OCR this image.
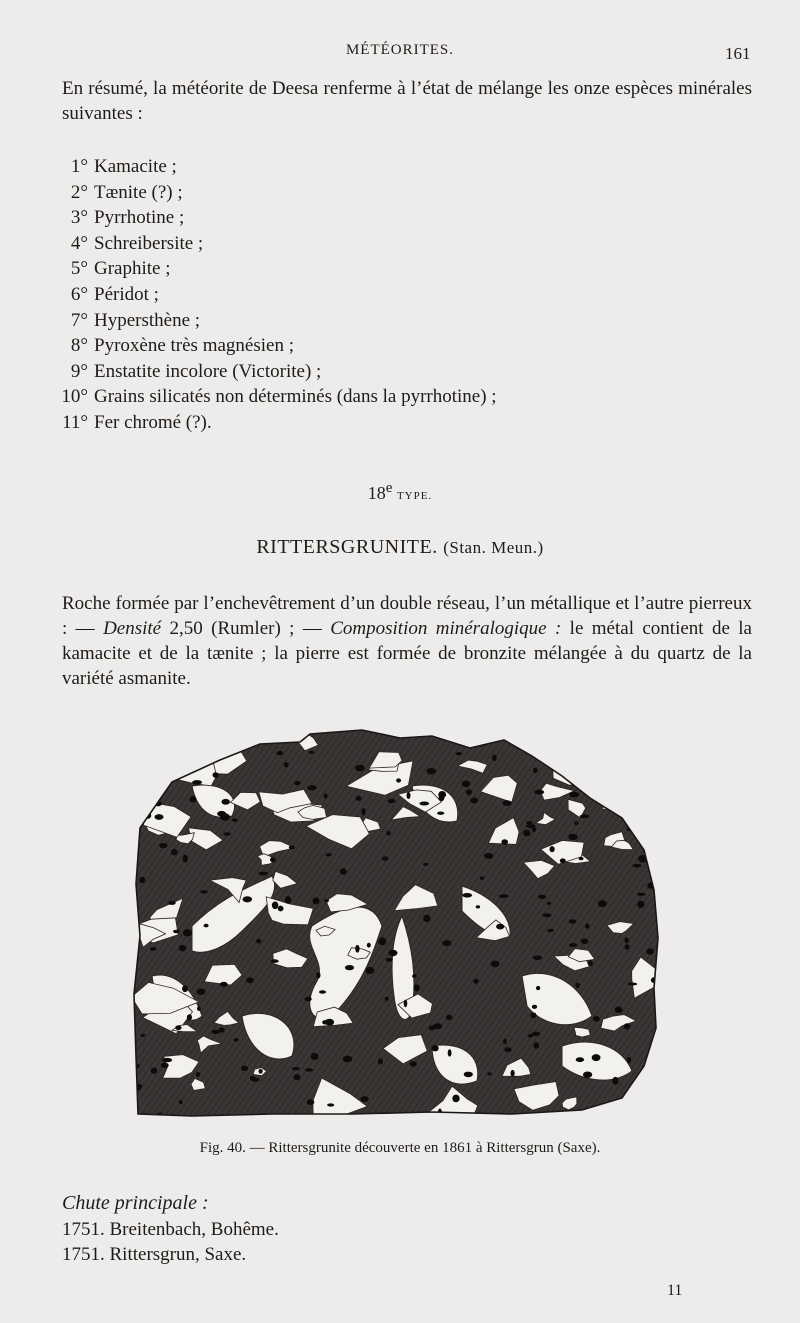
MÉTÉORITES.	161

En résumé, la météorite de Deesa renferme à l’état de mélange les onze espèces minérales suivantes :

1° Kamacite ;
2° Tænite (?) ;
3° Pyrrhotine ;
4° Schreibersite ;
5° Graphite ;
6° Péridot ;
7° Hypersthène ;
8° Pyroxène très magnésien ;
9° Enstatite incolore (Victorite) ;
10° Grains silicatés non déterminés (dans la pyrrhotine) ;
11° Fer chromé (?).
18e TYPE.
RITTERSGRUNITE. (Stan. Meun.)

Roche formée par l’enchevêtrement d’un double réseau, l’un métallique et l’autre pierreux : — Densité 2,50 (Rumler) ; — Composition minéralogique : le métal contient de la kamacite et de la tænite ; la pierre est formée de bronzite mélangée à du quartz de la variété asmanite.

Fig. 40. — Rittersgrunite découverte en 1861 à Rittersgrun (Saxe).
Chute principale :
1751. Breitenbach, Bohême.
1751. Rittersgrun, Saxe.
11
